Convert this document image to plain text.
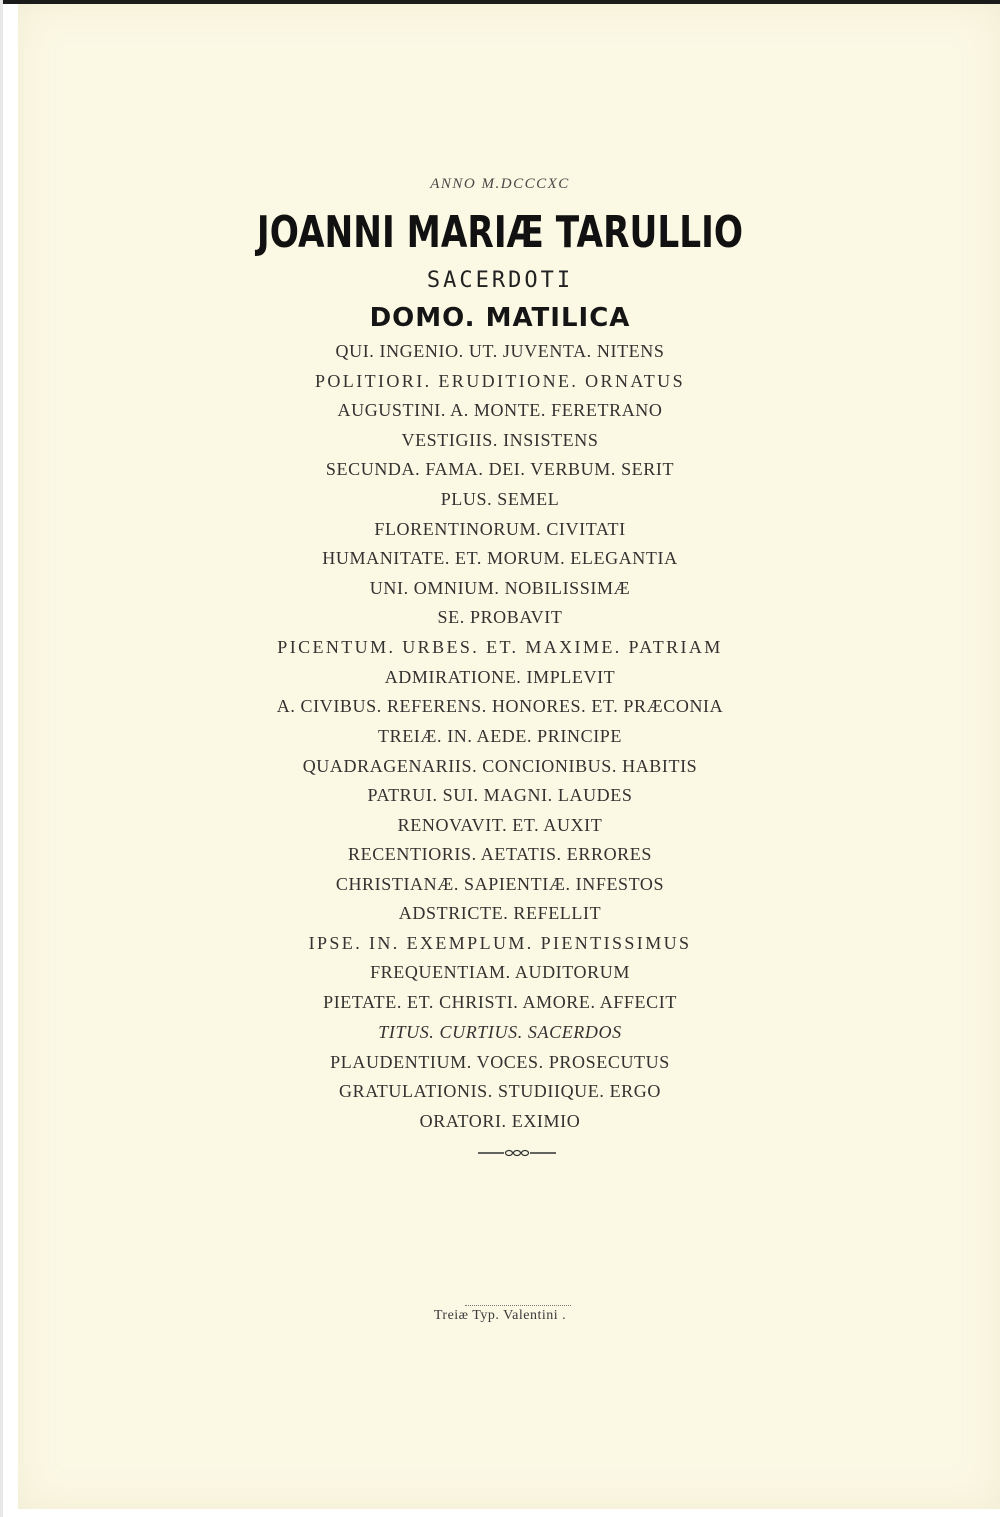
ANNO M.DCCCXC
JOANNI MARIÆ TARULLIO
SACERDOTI
DOMO. MATILICA
QUI. INGENIO. UT. JUVENTA. NITENS
POLITIORI. ERUDITIONE. ORNATUS
AUGUSTINI. A. MONTE. FERETRANO
VESTIGIIS. INSISTENS
SECUNDA. FAMA. DEI. VERBUM. SERIT
PLUS. SEMEL
FLORENTINORUM. CIVITATI
HUMANITATE. ET. MORUM. ELEGANTIA
UNI. OMNIUM. NOBILISSIMÆ
SE. PROBAVIT
PICENTUM. URBES. ET. MAXIME. PATRIAM
ADMIRATIONE. IMPLEVIT
A. CIVIBUS. REFERENS. HONORES. ET. PRÆCONIA
TREIÆ. IN. AEDE. PRINCIPE
QUADRAGENARIIS. CONCIONIBUS. HABITIS
PATRUI. SUI. MAGNI. LAUDES
RENOVAVIT. ET. AUXIT
RECENTIORIS. AETATIS. ERRORES
CHRISTIANÆ. SAPIENTIÆ. INFESTOS
ADSTRICTE. REFELLIT
IPSE. IN. EXEMPLUM. PIENTISSIMUS
FREQUENTIAM. AUDITORUM
PIETATE. ET. CHRISTI. AMORE. AFFECIT
TITUS. CURTIUS. SACERDOS
PLAUDENTIUM. VOCES. PROSECUTUS
GRATULATIONIS. STUDIIQUE. ERGO
ORATORI. EXIMIO
Treiæ Typ. Valentini .
